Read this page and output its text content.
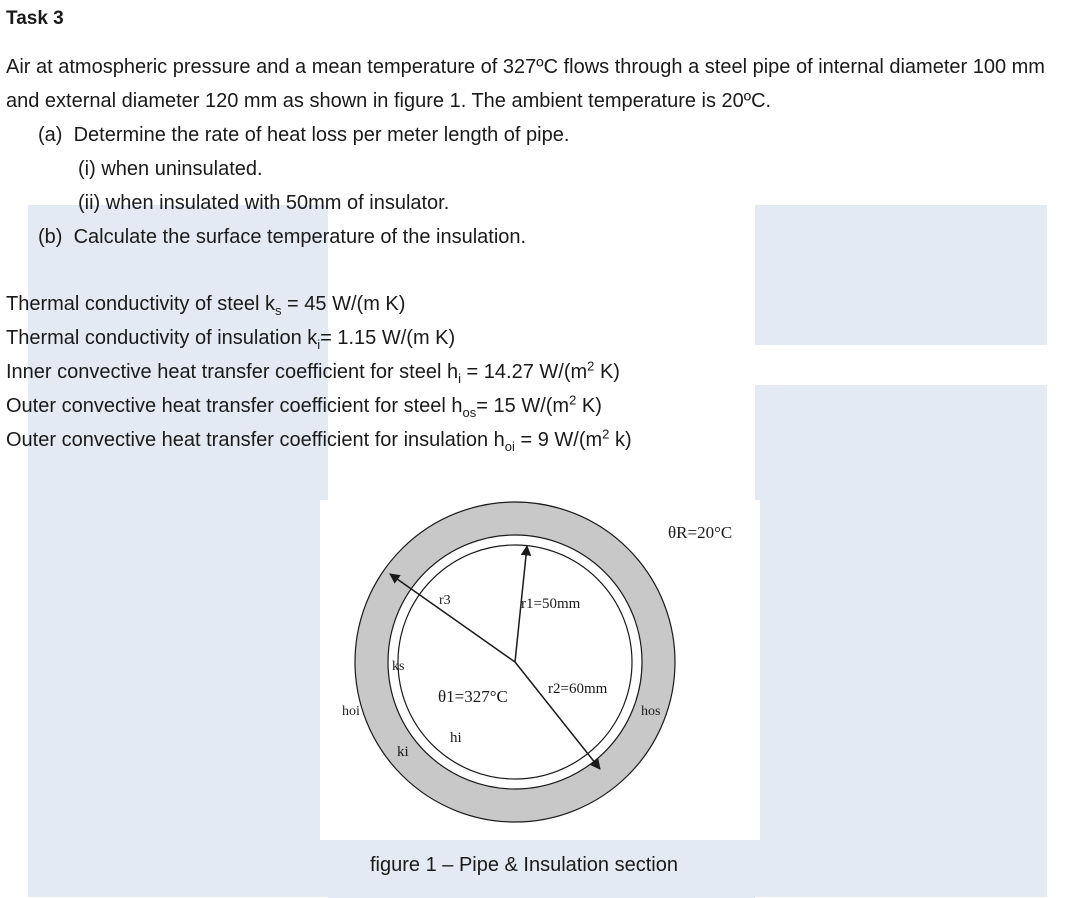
Task 3
Air at atmospheric pressure and a mean temperature of 327ºC flows through a steel pipe of internal diameter 100 mm and external diameter 120 mm as shown in figure 1. The ambient temperature is 20ºC.
(a) Determine the rate of heat loss per meter length of pipe.
(i) when uninsulated.
(ii) when insulated with 50mm of insulator.
(b) Calculate the surface temperature of the insulation.
Thermal conductivity of steel $k_s = 45$ W/(m K)
Thermal conductivity of insulation $k_i= 1.15$ W/(m K)
Inner convective heat transfer coefficient for steel $h_i = 14.27$ $W/(m^2$ K)
Outer convective heat transfer coefficient for steel $h_{os}= 15$ $W/(m^2$ K)
Outer convective heat transfer coefficient for insulation $h_{oi} = 9$ $W/(m^2$ k)
θR=20°C
r3	r1=50mm
ks
r2=60mm
θ1=327°C
hoi	hos
hi
ki
figure 1 – Pipe & Insulation section
